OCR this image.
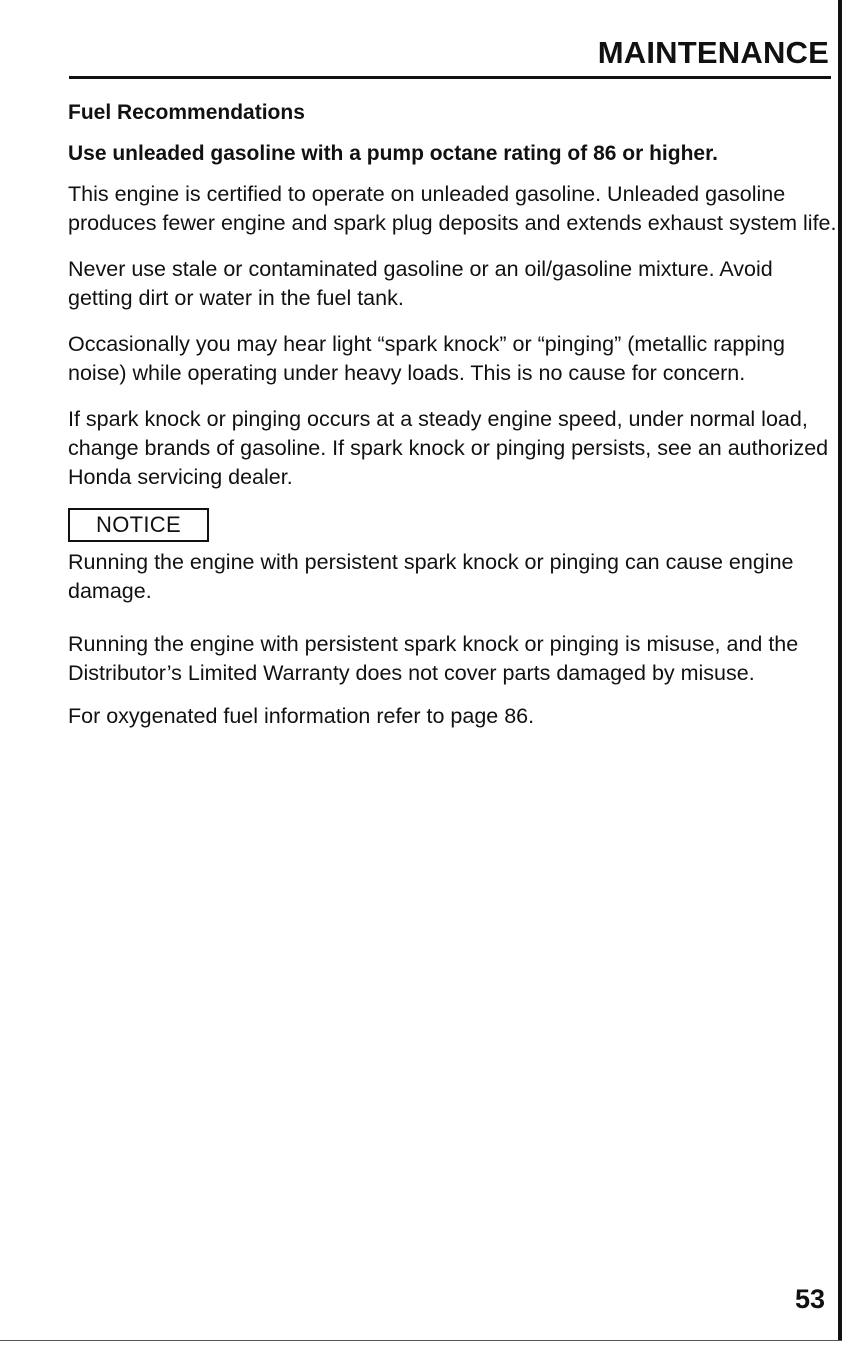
MAINTENANCE
Fuel Recommendations

Use unleaded gasoline with a pump octane rating of 86 or higher.

This engine is certified to operate on unleaded gasoline. Unleaded gasoline produces fewer engine and spark plug deposits and extends exhaust system life.

Never use stale or contaminated gasoline or an oil/gasoline mixture. Avoid getting dirt or water in the fuel tank.

Occasionally you may hear light “spark knock” or “pinging” (metallic rapping noise) while operating under heavy loads. This is no cause for concern.

If spark knock or pinging occurs at a steady engine speed, under normal load, change brands of gasoline. If spark knock or pinging persists, see an authorized Honda servicing dealer.

NOTICE

Running the engine with persistent spark knock or pinging can cause engine damage.

Running the engine with persistent spark knock or pinging is misuse, and the Distributor’s Limited Warranty does not cover parts damaged by misuse.

For oxygenated fuel information refer to page 86.

53
